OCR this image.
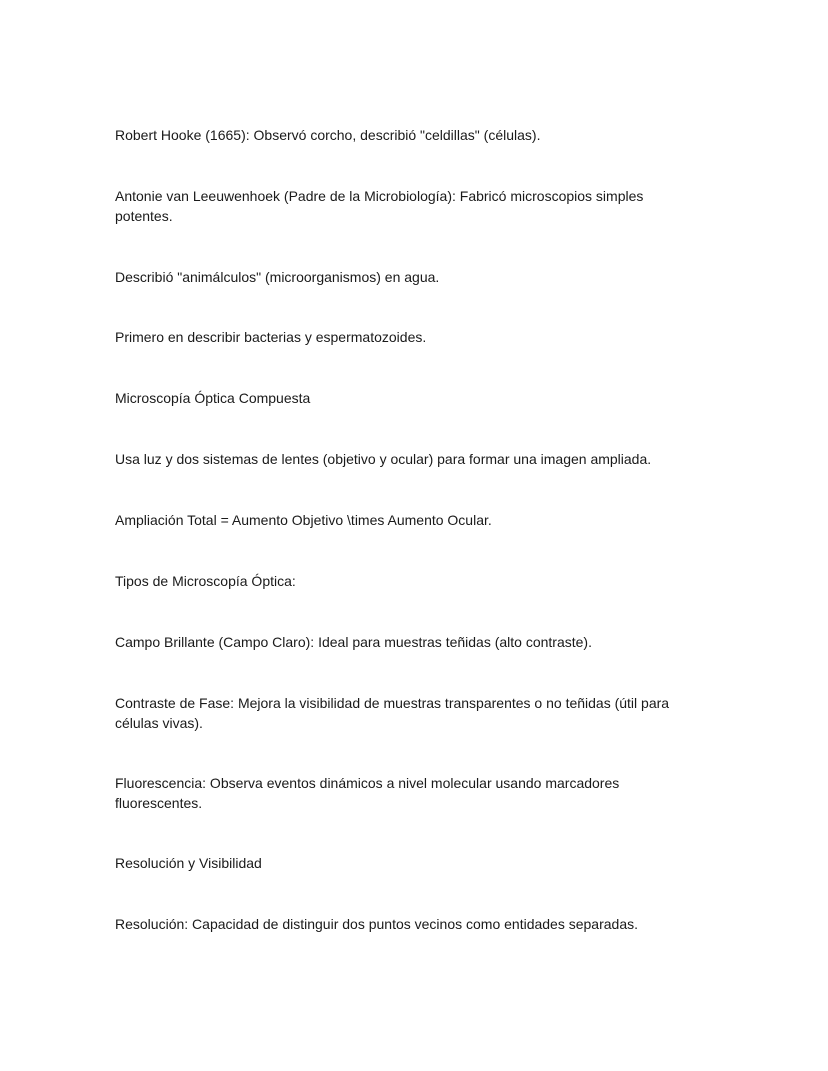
Robert Hooke (1665): Observó corcho, describió "celdillas" (células).

Antonie van Leeuwenhoek (Padre de la Microbiología): Fabricó microscopios simples potentes.

Describió "animálculos" (microorganismos) en agua.

Primero en describir bacterias y espermatozoides.

Microscopía Óptica Compuesta

Usa luz y dos sistemas de lentes (objetivo y ocular) para formar una imagen ampliada.

Ampliación Total = Aumento Objetivo \times Aumento Ocular.

Tipos de Microscopía Óptica:

Campo Brillante (Campo Claro): Ideal para muestras teñidas (alto contraste).

Contraste de Fase: Mejora la visibilidad de muestras transparentes o no teñidas (útil para células vivas).

Fluorescencia: Observa eventos dinámicos a nivel molecular usando marcadores fluorescentes.

Resolución y Visibilidad

Resolución: Capacidad de distinguir dos puntos vecinos como entidades separadas.
